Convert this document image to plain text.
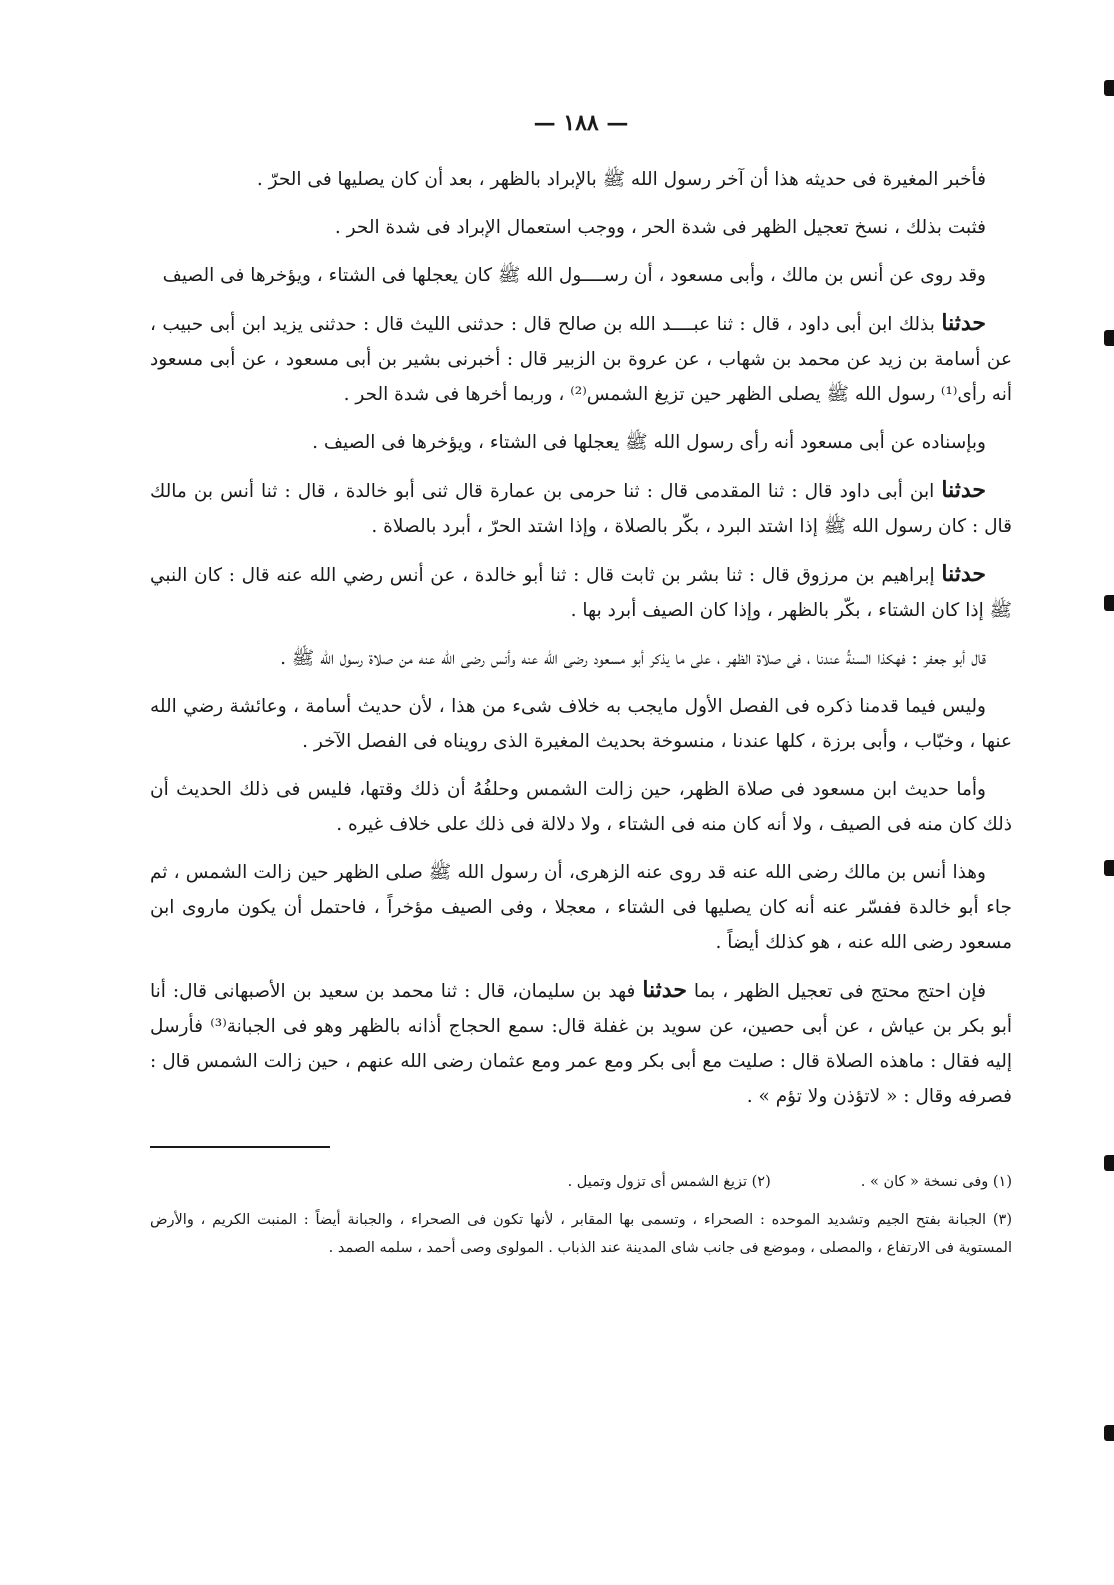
— ١٨٨ —

فأخبر المغيرة فى حديثه هذا أن آخر رسول الله ﷺ بالإبراد بالظهر ، بعد أن كان يصليها فى الحرّ .

فثبت بذلك ، نسخ تعجيل الظهر فى شدة الحر ، ووجب استعمال الإبراد فى شدة الحر .

وقد روى عن أنس بن مالك ، وأبى مسعود ، أن رســــول الله ﷺ كان يعجلها فى الشتاء ، ويؤخرها فى الصيف

حدثنا بذلك ابن أبى داود ، قال : ثنا عبــــد الله بن صالح قال : حدثنى الليث قال : حدثنى يزيد ابن أبى حبيب ، عن أسامة بن زيد عن محمد بن شهاب ، عن عروة بن الزبير قال : أخبرنى بشير بن أبى مسعود ، عن أبى مسعود أنه رأى⁽¹⁾ رسول الله ﷺ يصلى الظهر حين تزيغ الشمس⁽²⁾ ، وربما أخرها فى شدة الحر .

وبإسناده عن أبى مسعود أنه رأى رسول الله ﷺ يعجلها فى الشتاء ، ويؤخرها فى الصيف .

حدثنا ابن أبى داود قال : ثنا المقدمى قال : ثنا حرمى بن عمارة قال ثنى أبو خالدة ، قال : ثنا أنس بن مالك قال : كان رسول الله ﷺ إذا اشتد البرد ، بكّر بالصلاة ، وإذا اشتد الحرّ ، أبرد بالصلاة .

حدثنا إبراهيم بن مرزوق قال : ثنا بشر بن ثابت قال : ثنا أبو خالدة ، عن أنس رضي الله عنه قال : كان النبي ﷺ إذا كان الشتاء ، بكّر بالظهر ، وإذا كان الصيف أبرد بها .

قال أبو جعفر : فهكذا السنةُ عندنا ، فى صلاة الظهر ، على ما يذكر أبو مسعود رضى الله عنه وأنس رضى الله عنه من صلاة رسول الله ﷺ .

وليس فيما قدمنا ذكره فى الفصل الأول مايجب به خلاف شىء من هذا ، لأن حديث أسامة ، وعائشة رضي الله عنها ، وخبّاب ، وأبى برزة ، كلها عندنا ، منسوخة بحديث المغيرة الذى رويناه فى الفصل الآخر .

وأما حديث ابن مسعود فى صلاة الظهر، حين زالت الشمس وحلفُهُ أن ذلك وقتها، فليس فى ذلك الحديث أن ذلك كان منه فى الصيف ، ولا أنه كان منه فى الشتاء ، ولا دلالة فى ذلك على خلاف غيره .

وهذا أنس بن مالك رضى الله عنه قد روى عنه الزهرى، أن رسول الله ﷺ صلى الظهر حين زالت الشمس ، ثم جاء أبو خالدة ففسّر عنه أنه كان يصليها فى الشتاء ، معجلا ، وفى الصيف مؤخراً ، فاحتمل أن يكون ماروى ابن مسعود رضى الله عنه ، هو كذلك أيضاً .

فإن احتج محتج فى تعجيل الظهر ، بما حدثنا فهد بن سليمان، قال : ثنا محمد بن سعيد بن الأصبهانى قال: أنا أبو بكر بن عياش ، عن أبى حصين، عن سويد بن غفلة قال: سمع الحجاج أذانه بالظهر وهو فى الجبانة⁽³⁾ فأرسل إليه فقال : ماهذه الصلاة قال : صليت مع أبى بكر ومع عمر ومع عثمان رضى الله عنهم ، حين زالت الشمس قال : فصرفه وقال : « لاتؤذن ولا تؤم » .

(١) وفى نسخة « كان » .

(٢) تزيغ الشمس أى تزول وتميل .

(٣) الجبانة بفتح الجيم وتشديد الموحده : الصحراء ، وتسمى بها المقابر ، لأنها تكون فى الصحراء ، والجبانة أيضاً : المنبت الكريم ، والأرض المستوية فى الارتفاع ، والمصلى ، وموضع فى جانب شاى المدينة عند الذباب . المولوى وصى أحمد ، سلمه الصمد .
